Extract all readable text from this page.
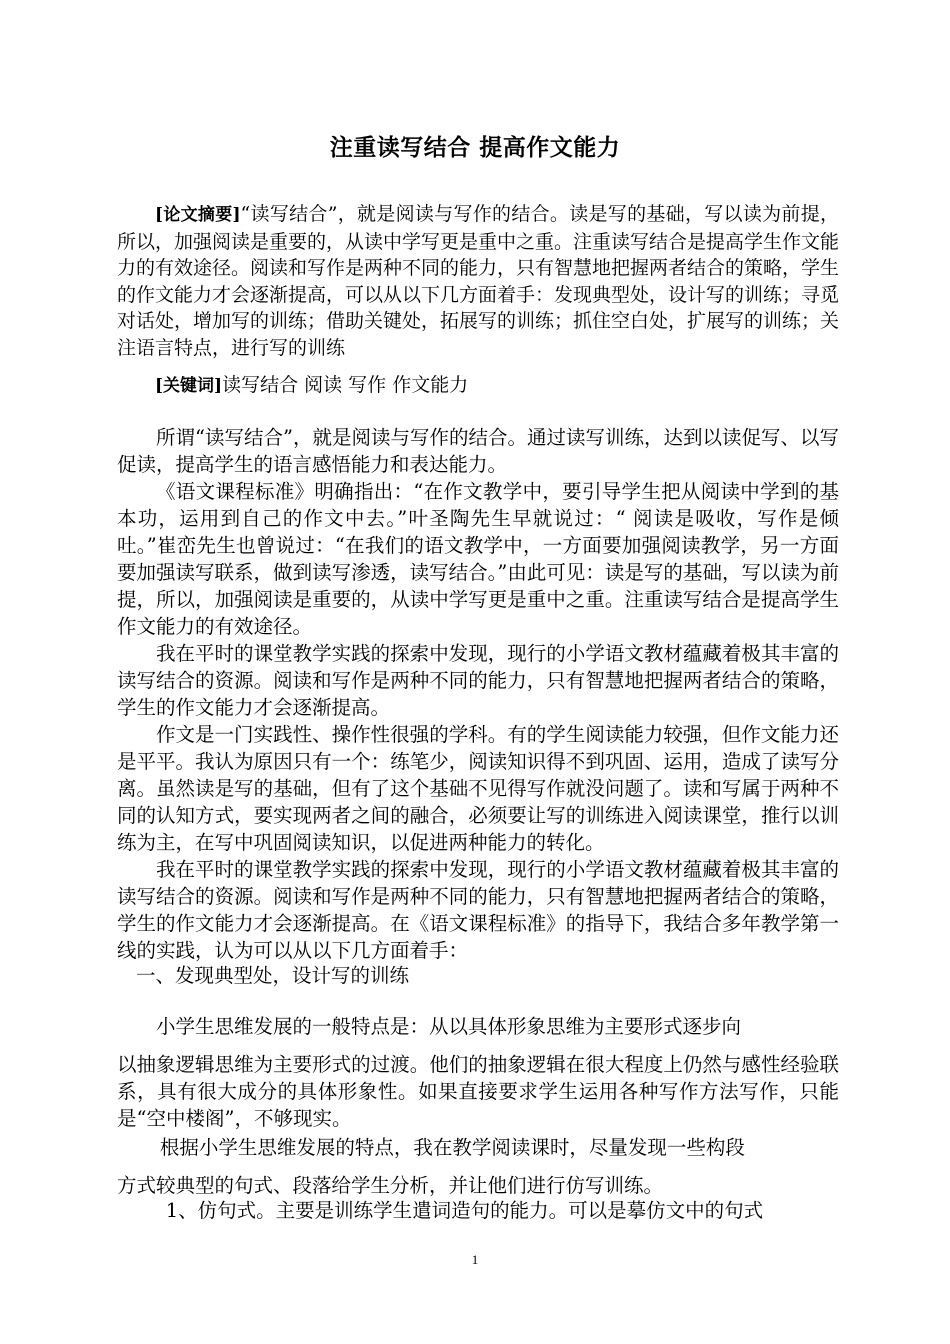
注重读写结合 提高作文能力

[论文摘要]“读写结合”，就是阅读与写作的结合。读是写的基础，写以读为前提，所以，加强阅读是重要的，从读中学写更是重中之重。注重读写结合是提高学生作文能力的有效途径。阅读和写作是两种不同的能力，只有智慧地把握两者结合的策略，学生的作文能力才会逐渐提高，可以从以下几方面着手：发现典型处，设计写的训练；寻觅对话处，增加写的训练；借助关键处，拓展写的训练；抓住空白处，扩展写的训练；关注语言特点，进行写的训练

[关键词]读写结合 阅读 写作 作文能力

所谓“读写结合”，就是阅读与写作的结合。通过读写训练，达到以读促写、以写促读，提高学生的语言感悟能力和表达能力。

《语文课程标准》明确指出：“在作文教学中，要引导学生把从阅读中学到的基本功，运用到自己的作文中去。”叶圣陶先生早就说过：“ 阅读是吸收，写作是倾吐。”崔峦先生也曾说过：“在我们的语文教学中，一方面要加强阅读教学，另一方面要加强读写联系，做到读写渗透，读写结合。”由此可见：读是写的基础，写以读为前提，所以，加强阅读是重要的，从读中学写更是重中之重。注重读写结合是提高学生作文能力的有效途径。

我在平时的课堂教学实践的探索中发现，现行的小学语文教材蕴藏着极其丰富的读写结合的资源。阅读和写作是两种不同的能力，只有智慧地把握两者结合的策略，学生的作文能力才会逐渐提高。

作文是一门实践性、操作性很强的学科。有的学生阅读能力较强，但作文能力还是平平。我认为原因只有一个：练笔少，阅读知识得不到巩固、运用，造成了读写分离。虽然读是写的基础，但有了这个基础不见得写作就没问题了。读和写属于两种不同的认知方式，要实现两者之间的融合，必须要让写的训练进入阅读课堂，推行以训练为主，在写中巩固阅读知识，以促进两种能力的转化。

我在平时的课堂教学实践的探索中发现，现行的小学语文教材蕴藏着极其丰富的读写结合的资源。阅读和写作是两种不同的能力，只有智慧地把握两者结合的策略，学生的作文能力才会逐渐提高。在《语文课程标准》的指导下，我结合多年教学第一线的实践，认为可以从以下几方面着手：

一、发现典型处，设计写的训练

小学生思维发展的一般特点是：从以具体形象思维为主要形式逐步向

以抽象逻辑思维为主要形式的过渡。他们的抽象逻辑在很大程度上仍然与感性经验联系，具有很大成分的具体形象性。如果直接要求学生运用各种写作方法写作，只能是“空中楼阁”，不够现实。

根据小学生思维发展的特点，我在教学阅读课时，尽量发现一些构段

方式较典型的句式、段落给学生分析，并让他们进行仿写训练。

1、仿句式。主要是训练学生遣词造句的能力。可以是摹仿文中的句式

1
